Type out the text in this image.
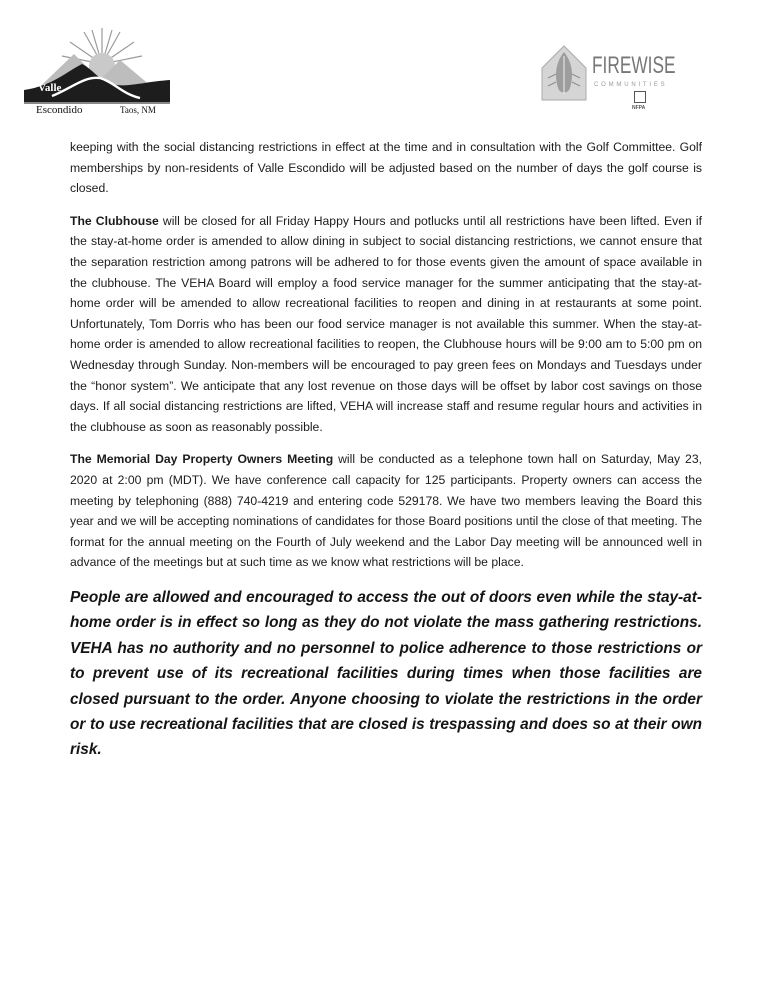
Valle
Escondido	Taos, NM
FIREWISE
COMMUNITIES
NFPA

keeping with the social distancing restrictions in effect at the time and in consultation with the Golf Committee. Golf memberships by non-residents of Valle Escondido will be adjusted based on the number of days the golf course is closed.

The Clubhouse will be closed for all Friday Happy Hours and potlucks until all restrictions have been lifted. Even if the stay-at-home order is amended to allow dining in subject to social distancing restrictions, we cannot ensure that the separation restriction among patrons will be adhered to for those events given the amount of space available in the clubhouse. The VEHA Board will employ a food service manager for the summer anticipating that the stay-at-home order will be amended to allow recreational facilities to reopen and dining in at restaurants at some point. Unfortunately, Tom Dorris who has been our food service manager is not available this summer. When the stay-at-home order is amended to allow recreational facilities to reopen, the Clubhouse hours will be 9:00 am to 5:00 pm on Wednesday through Sunday. Non-members will be encouraged to pay green fees on Mondays and Tuesdays under the “honor system”. We anticipate that any lost revenue on those days will be offset by labor cost savings on those days. If all social distancing restrictions are lifted, VEHA will increase staff and resume regular hours and activities in the clubhouse as soon as reasonably possible.

The Memorial Day Property Owners Meeting will be conducted as a telephone town hall on Saturday, May 23, 2020 at 2:00 pm (MDT). We have conference call capacity for 125 participants. Property owners can access the meeting by telephoning (888) 740-4219 and entering code 529178. We have two members leaving the Board this year and we will be accepting nominations of candidates for those Board positions until the close of that meeting. The format for the annual meeting on the Fourth of July weekend and the Labor Day meeting will be announced well in advance of the meetings but at such time as we know what restrictions will be place.

People are allowed and encouraged to access the out of doors even while the stay-at-home order is in effect so long as they do not violate the mass gathering restrictions. VEHA has no authority and no personnel to police adherence to those restrictions or to prevent use of its recreational facilities during times when those facilities are closed pursuant to the order. Anyone choosing to violate the restrictions in the order or to use recreational facilities that are closed is trespassing and does so at their own risk.
